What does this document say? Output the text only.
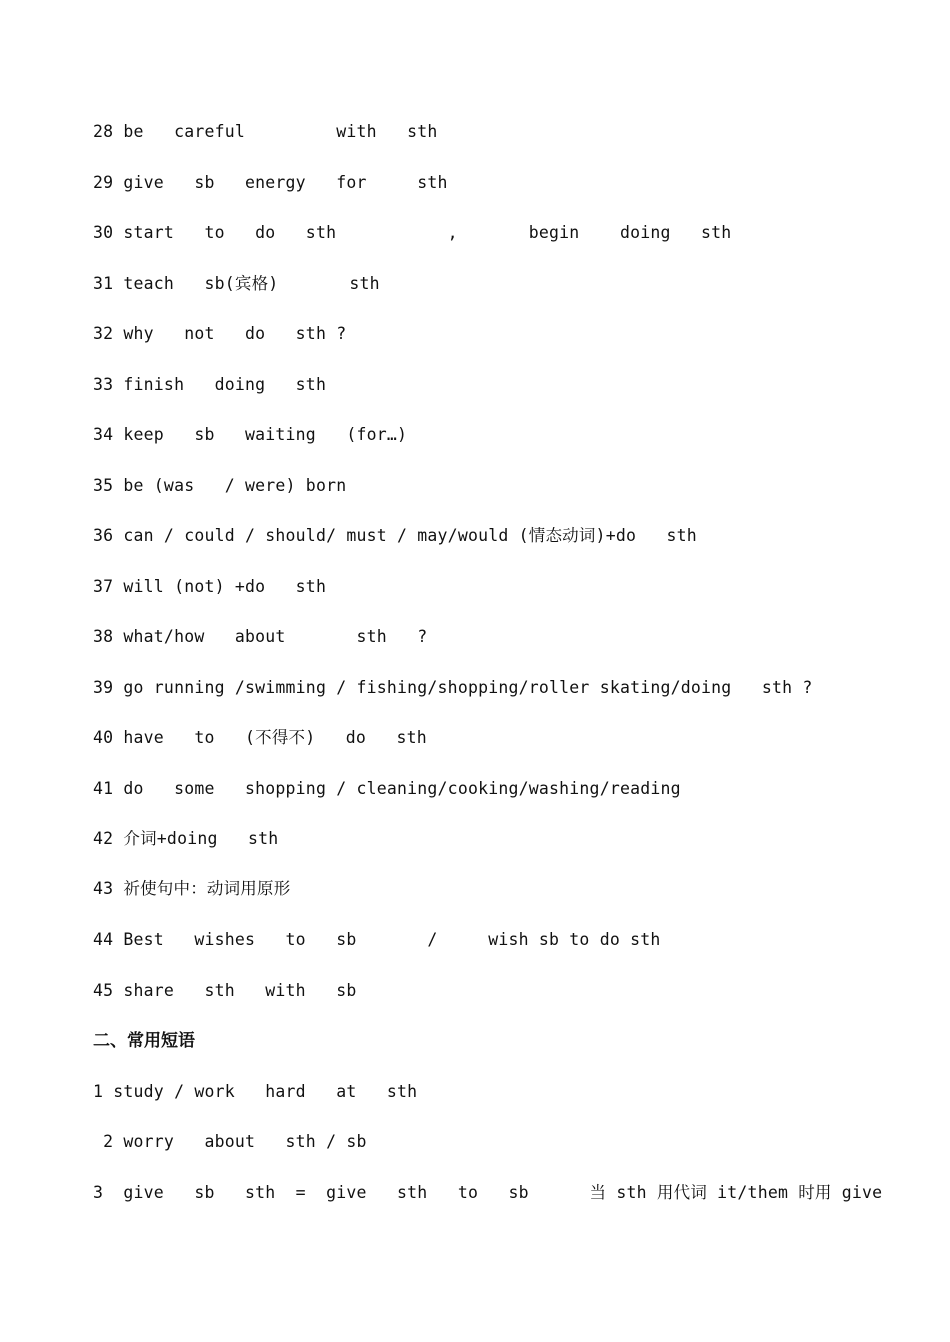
28 be   careful         with   sth
29 give   sb   energy   for     sth
30 start   to   do   sth           ,       begin    doing   sth
31 teach   sb(宾格)       sth
32 why   not   do   sth ?
33 finish   doing   sth
34 keep   sb   waiting   (for…)
35 be (was   / were) born
36 can / could / should/ must / may/would (情态动词)+do   sth
37 will (not) +do   sth
38 what/how   about       sth   ?
39 go running /swimming / fishing/shopping/roller skating/doing   sth ?
40 have   to   (不得不)   do   sth
41 do   some   shopping / cleaning/cooking/washing/reading
42 介词+doing   sth
43 祈使句中：动词用原形
44 Best   wishes   to   sb       /     wish sb to do sth
45 share   sth   with   sb
二、常用短语
1 study / work   hard   at   sth
2 worry   about   sth / sb
3  give   sb   sth  =  give   sth   to   sb      当 sth 用代词 it/them 时用 give
